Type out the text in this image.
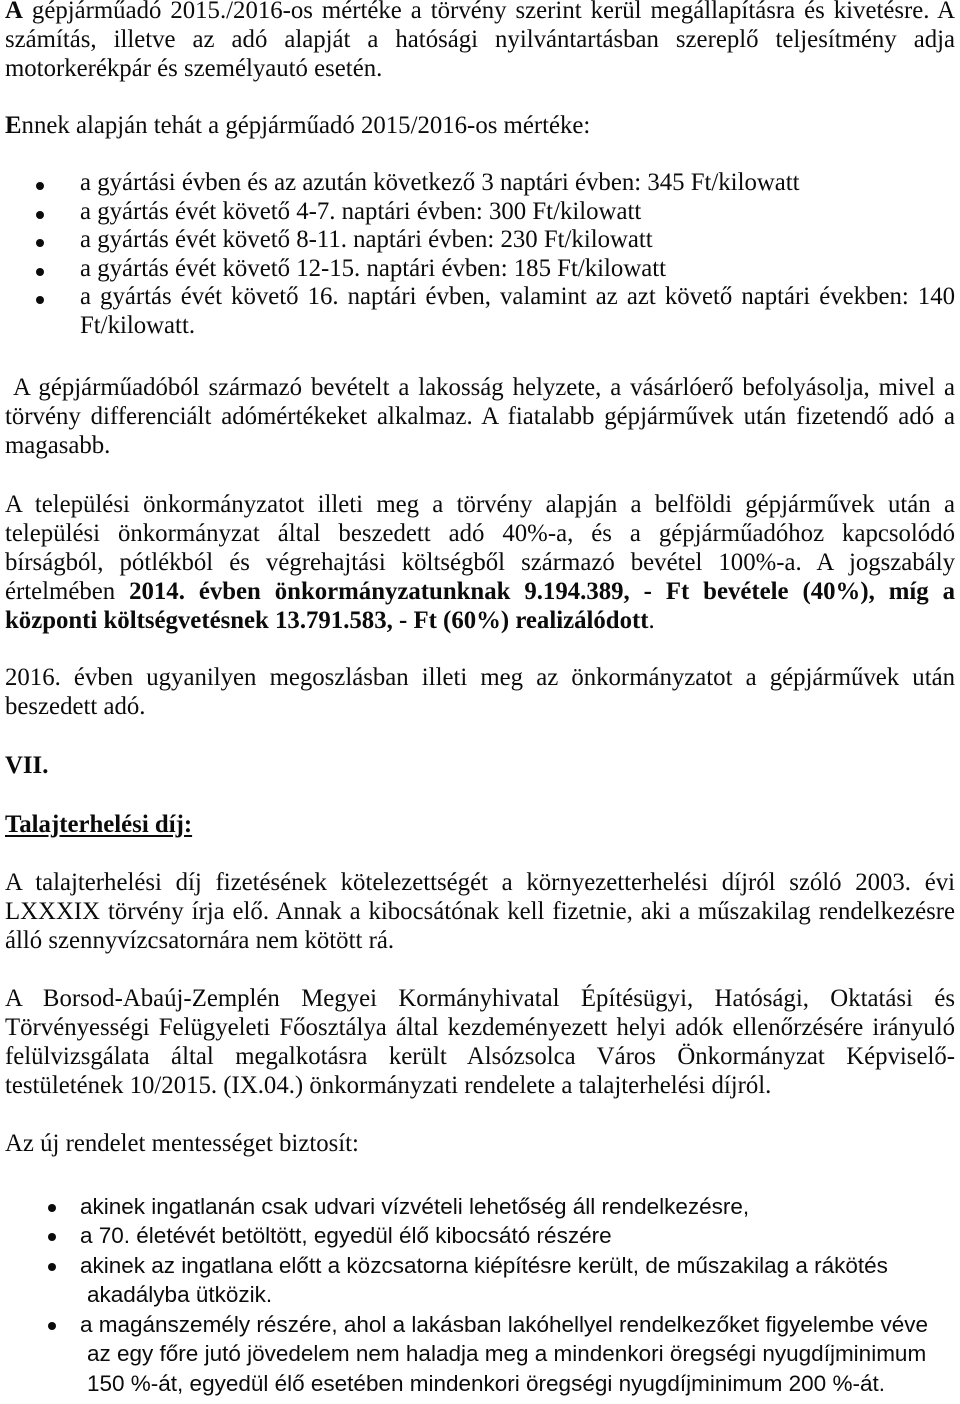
A gépjárműadó 2015./2016-os mértéke a törvény szerint kerül megállapításra és kivetésre. A
számítás, illetve az adó alapját a hatósági nyilvántartásban szereplő teljesítmény adja
motorkerékpár és személyautó esetén.
Ennek alapján tehát a gépjárműadó 2015/2016-os mértéke:
a gyártási évben és az azután következő 3 naptári évben: 345 Ft/kilowatt
a gyártás évét követő 4-7. naptári évben: 300 Ft/kilowatt
a gyártás évét követő 8-11. naptári évben: 230 Ft/kilowatt
a gyártás évét követő 12-15. naptári évben: 185 Ft/kilowatt
a gyártás évét követő 16. naptári évben, valamint az azt követő naptári években: 140
Ft/kilowatt.
A gépjárműadóból származó bevételt a lakosság helyzete, a vásárlóerő befolyásolja, mivel a
törvény differenciált adómértékeket alkalmaz. A fiatalabb gépjárművek után fizetendő adó a
magasabb.
A települési önkormányzatot illeti meg a törvény alapján a belföldi gépjárművek után a
települési önkormányzat által beszedett adó 40%-a, és a gépjárműadóhoz kapcsolódó
bírságból, pótlékból és végrehajtási költségből származó bevétel 100%-a. A jogszabály
értelmében 2014. évben önkormányzatunknak 9.194.389, - Ft bevétele (40%), míg a
központi költségvetésnek 13.791.583, - Ft (60%) realizálódott.
2016. évben ugyanilyen megoszlásban illeti meg az önkormányzatot a gépjárművek után
beszedett adó.
VII.
Talajterhelési díj:
A talajterhelési díj fizetésének kötelezettségét a környezetterhelési díjról szóló 2003. évi
LXXXIX törvény írja elő. Annak a kibocsátónak kell fizetnie, aki a műszakilag rendelkezésre
álló szennyvízcsatornára nem kötött rá.
A Borsod-Abaúj-Zemplén Megyei Kormányhivatal Építésügyi, Hatósági, Oktatási és
Törvényességi Felügyeleti Főosztálya által kezdeményezett helyi adók ellenőrzésére irányuló
felülvizsgálata által megalkotásra került Alsózsolca Város Önkormányzat Képviselő-
testületének 10/2015. (IX.04.) önkormányzati rendelete a talajterhelési díjról.
Az új rendelet mentességet biztosít:
akinek ingatlanán csak udvari vízvételi lehetőség áll rendelkezésre,
a 70. életévét betöltött, egyedül élő kibocsátó részére
akinek az ingatlana előtt a közcsatorna kiépítésre került, de műszakilag a rákötés
akadályba ütközik.
a magánszemély részére, ahol a lakásban lakóhellyel rendelkezőket figyelembe véve
az egy főre jutó jövedelem nem haladja meg a mindenkori öregségi nyugdíjminimum
150 %-át, egyedül élő esetében mindenkori öregségi nyugdíjminimum 200 %-át.
